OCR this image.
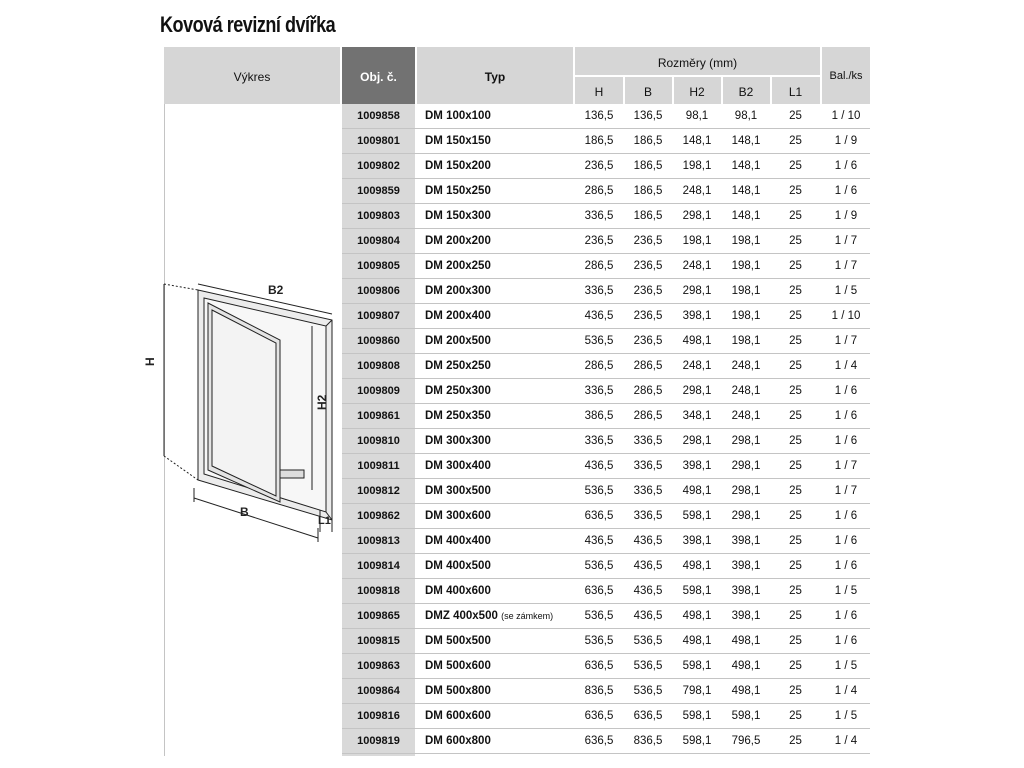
Kovová revizní dvířka
Výkres	Obj. č.	Typ
Rozměry (mm)
H	B	H2	B2	L1
Bal./ks
1009858	DM 100x100	136,5	136,5	98,1	98,1	25	1 / 10
1009801	DM 150x150	186,5	186,5	148,1	148,1	25	1 / 9
1009802	DM 150x200	236,5	186,5	198,1	148,1	25	1 / 6
1009859	DM 150x250	286,5	186,5	248,1	148,1	25	1 / 6
1009803	DM 150x300	336,5	186,5	298,1	148,1	25	1 / 9
1009804	DM 200x200	236,5	236,5	198,1	198,1	25	1 / 7
1009805	DM 200x250	286,5	236,5	248,1	198,1	25	1 / 7
1009806	DM 200x300	336,5	236,5	298,1	198,1	25	1 / 5
1009807	DM 200x400	436,5	236,5	398,1	198,1	25	1 / 10
1009860	DM 200x500	536,5	236,5	498,1	198,1	25	1 / 7
1009808	DM 250x250	286,5	286,5	248,1	248,1	25	1 / 4
1009809	DM 250x300	336,5	286,5	298,1	248,1	25	1 / 6
1009861	DM 250x350	386,5	286,5	348,1	248,1	25	1 / 6
1009810	DM 300x300	336,5	336,5	298,1	298,1	25	1 / 6
1009811	DM 300x400	436,5	336,5	398,1	298,1	25	1 / 7
1009812	DM 300x500	536,5	336,5	498,1	298,1	25	1 / 7
1009862	DM 300x600	636,5	336,5	598,1	298,1	25	1 / 6
1009813	DM 400x400	436,5	436,5	398,1	398,1	25	1 / 6
1009814	DM 400x500	536,5	436,5	498,1	398,1	25	1 / 6
1009818	DM 400x600	636,5	436,5	598,1	398,1	25	1 / 5
1009865	DMZ 400x500 (se zámkem)	536,5	436,5	498,1	398,1	25	1 / 6
1009815	DM 500x500	536,5	536,5	498,1	498,1	25	1 / 6
1009863	DM 500x600	636,5	536,5	598,1	498,1	25	1 / 5
1009864	DM 500x800	836,5	536,5	798,1	498,1	25	1 / 4
1009816	DM 600x600	636,5	636,5	598,1	598,1	25	1 / 5
1009819	DM 600x800	636,5	836,5	598,1	796,5	25	1 / 4
H
B2
H2
B
L1
